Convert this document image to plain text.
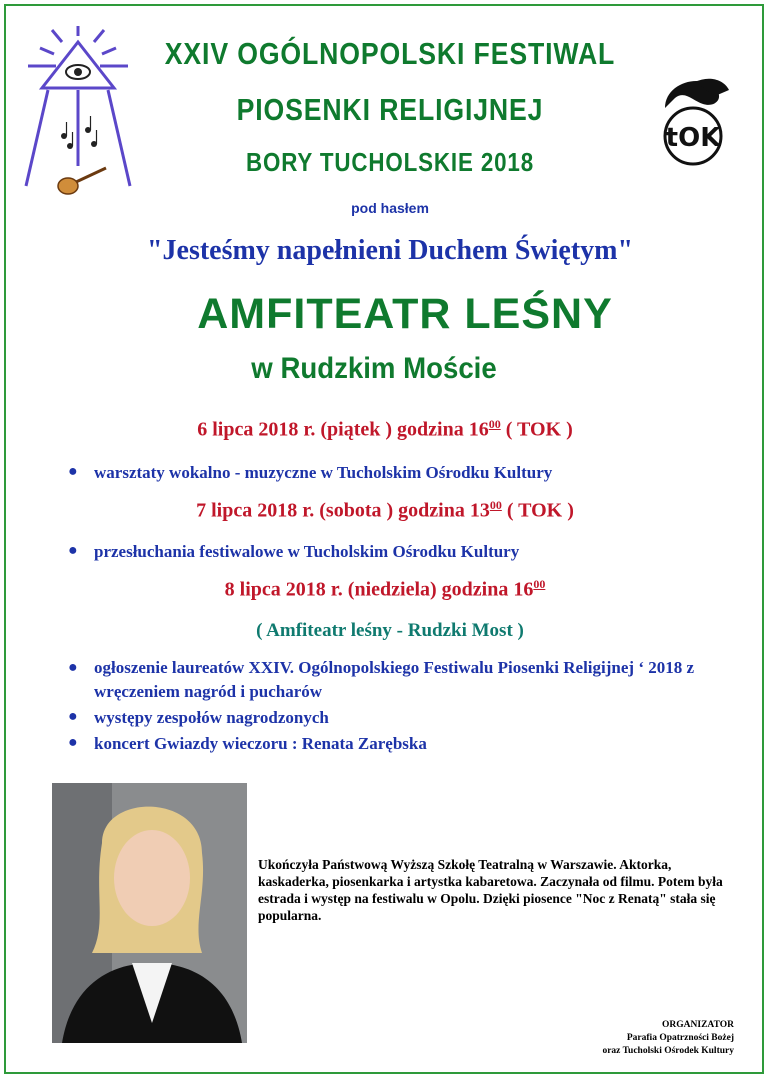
tOK
XXIV OGÓLNOPOLSKI FESTIWAL
PIOSENKI RELIGIJNEJ
BORY TUCHOLSKIE 2018
pod hasłem
"Jesteśmy napełnieni Duchem Świętym"
AMFITEATR LEŚNY
w Rudzkim Moście
6 lipca 2018 r. (piątek ) godzina $16^{00}$ ( TOK )
● warsztaty wokalno - muzyczne w Tucholskim Ośrodku Kultury
7 lipca 2018 r. (sobota ) godzina $13^{00}$ ( TOK )
● przesłuchania festiwalowe w Tucholskim Ośrodku Kultury
8 lipca 2018 r. (niedziela) godzina $16^{00}$
( Amfiteatr leśny - Rudzki Most )
● ogłoszenie laureatów XXIV. Ogólnopolskiego Festiwalu Piosenki Religijnej ‘ 2018 z wręczeniem nagród i pucharów
● występy zespołów nagrodzonych
● koncert Gwiazdy wieczoru : Renata Zarębska
Ukończyła Państwową Wyższą Szkołę Teatralną w Warszawie. Aktorka, kaskaderka, piosenkarka i artystka kabaretowa. Zaczynała od filmu. Potem była estrada i występ na festiwalu w Opolu. Dzięki piosence "Noc z Renatą" stała się popularna.
ORGANIZATOR
Parafia Opatrzności Bożej
oraz Tucholski Ośrodek Kultury
